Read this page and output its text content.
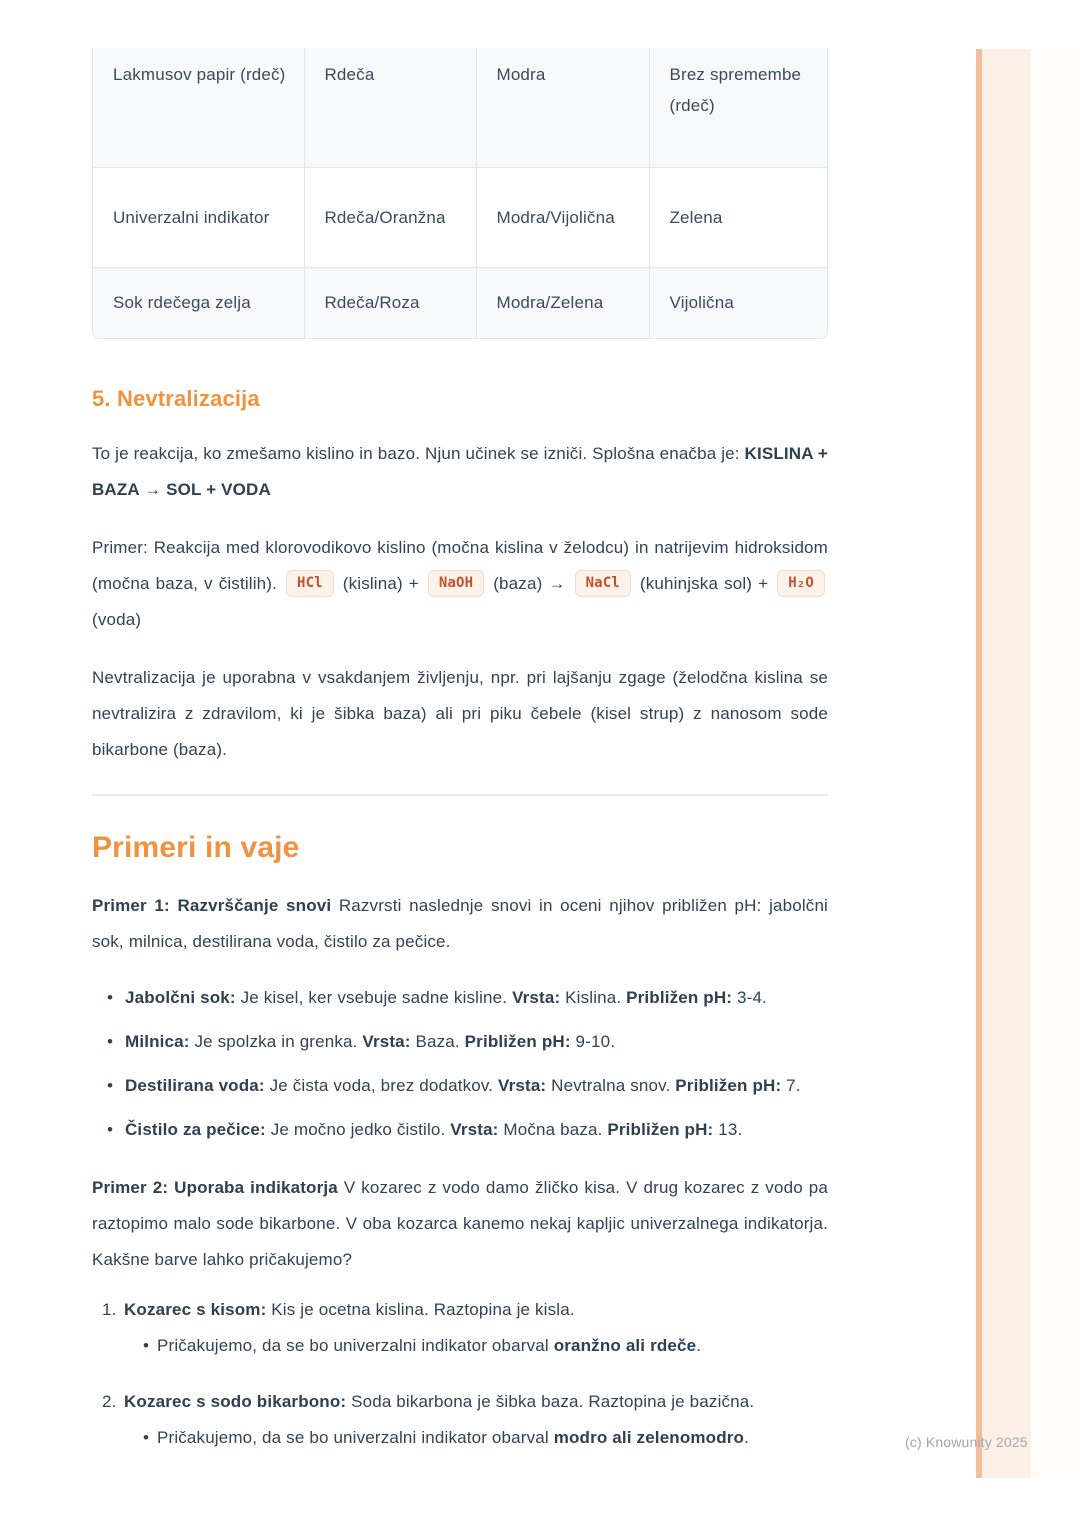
Lakmusov papir (rdeč)	Rdeča	Modra	Brez spremembe (rdeč)
Univerzalni indikator	Rdeča/Oranžna	Modra/Vijolična	Zelena
Sok rdečega zelja	Rdeča/Roza	Modra/Zelena	Vijolična
5. Nevtralizacija

To je reakcija, ko zmešamo kislino in bazo. Njun učinek se izniči. Splošna enačba je: KISLINA + BAZA → SOL + VODA

Primer: Reakcija med klorovodikovo kislino (močna kislina v želodcu) in natrijevim hidroksidom (močna baza, v čistilih). HCl (kislina) + NaOH (baza) → NaCl (kuhinjska sol) + H₂O (voda)

Nevtralizacija je uporabna v vsakdanjem življenju, npr. pri lajšanju zgage (želodčna kislina se nevtralizira z zdravilom, ki je šibka baza) ali pri piku čebele (kisel strup) z nanosom sode bikarbone (baza).

Primeri in vaje

Primer 1: Razvrščanje snovi Razvrsti naslednje snovi in oceni njihov približen pH: jabolčni sok, milnica, destilirana voda, čistilo za pečice.

• Jabolčni sok: Je kisel, ker vsebuje sadne kisline. Vrsta: Kislina. Približen pH: 3-4.
• Milnica: Je spolzka in grenka. Vrsta: Baza. Približen pH: 9-10.
• Destilirana voda: Je čista voda, brez dodatkov. Vrsta: Nevtralna snov. Približen pH: 7.
• Čistilo za pečice: Je močno jedko čistilo. Vrsta: Močna baza. Približen pH: 13.

Primer 2: Uporaba indikatorja V kozarec z vodo damo žličko kisa. V drug kozarec z vodo pa raztopimo malo sode bikarbone. V oba kozarca kanemo nekaj kapljic univerzalnega indikatorja. Kakšne barve lahko pričakujemo?

1. Kozarec s kisom: Kis je ocetna kislina. Raztopina je kisla.
• Pričakujemo, da se bo univerzalni indikator obarval oranžno ali rdeče.
2. Kozarec s sodo bikarbono: Soda bikarbona je šibka baza. Raztopina je bazična.
• Pričakujemo, da se bo univerzalni indikator obarval modro ali zelenomodro.	(c) Knowunity 2025
